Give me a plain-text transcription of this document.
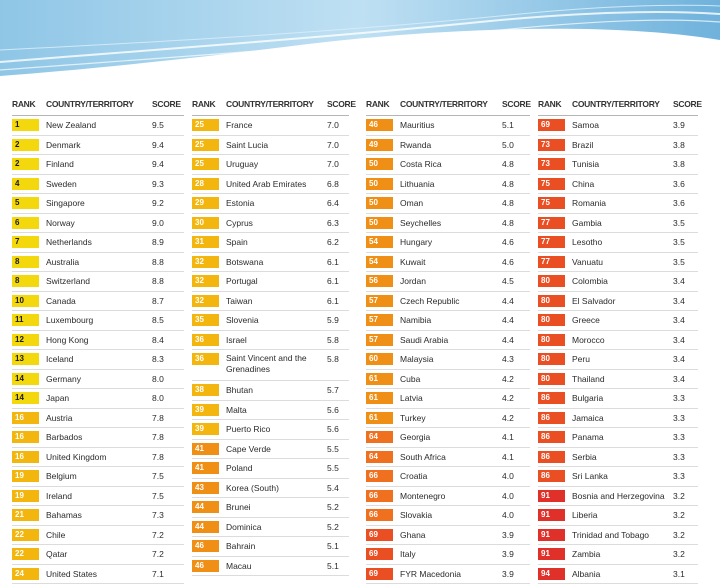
RANK COUNTRY/TERRITORY SCORE
1	New Zealand	9.5
2	Denmark	9.4
2	Finland	9.4
4	Sweden	9.3
5	Singapore	9.2
6	Norway	9.0
7	Netherlands	8.9
8	Australia	8.8
8	Switzerland	8.8
10	Canada	8.7
11	Luxembourg	8.5
12	Hong Kong	8.4
13	Iceland	8.3
14	Germany	8.0
14	Japan	8.0
16	Austria	7.8
16	Barbados	7.8
16	United Kingdom	7.8
19	Belgium	7.5
19	Ireland	7.5
21	Bahamas	7.3
22	Chile	7.2
22	Qatar	7.2
24	United States	7.1
RANK COUNTRY/TERRITORY SCORE
25	France	7.0
25	Saint Lucia	7.0
25	Uruguay	7.0
28	United Arab Emirates 6.8
29	Estonia	6.4
30	Cyprus	6.3
31	Spain	6.2
32	Botswana	6.1
32	Portugal	6.1
32	Taiwan	6.1
35	Slovenia	5.9
36	Israel	5.8
36	Saint Vincent and the Grenadines
5.8
38	Bhutan	5.7
39	Malta	5.6
39	Puerto Rico	5.6
41	Cape Verde	5.5
41	Poland	5.5
43	Korea (South)	5.4
44	Brunei	5.2
44	Dominica	5.2
46	Bahrain	5.1
46	Macau	5.1
RANK COUNTRY/TERRITORY SCORE
46	Mauritius	5.1
49	Rwanda	5.0
50	Costa Rica	4.8
50	Lithuania	4.8
50	Oman	4.8
50	Seychelles	4.8
54	Hungary	4.6
54	Kuwait	4.6
56	Jordan	4.5
57	Czech Republic	4.4
57	Namibia	4.4
57	Saudi Arabia	4.4
60	Malaysia	4.3
61	Cuba	4.2
61	Latvia	4.2
61	Turkey	4.2
64	Georgia	4.1
64	South Africa	4.1
66	Croatia	4.0
66	Montenegro	4.0
66	Slovakia	4.0
69	Ghana	3.9
69	Italy	3.9
69	FYR Macedonia	3.9
RANK COUNTRY/TERRITORY SCORE
69	Samoa	3.9
73	Brazil	3.8
73	Tunisia	3.8
75	China	3.6
75	Romania	3.6
77	Gambia	3.5
77	Lesotho	3.5
77	Vanuatu	3.5
80	Colombia	3.4
80	El Salvador	3.4
80	Greece	3.4
80	Morocco	3.4
80	Peru	3.4
80	Thailand	3.4
86	Bulgaria	3.3
86	Jamaica	3.3
86	Panama	3.3
86	Serbia	3.3
86	Sri Lanka	3.3
91	Bosnia and Herzegovina 3.2
91	Liberia	3.2
91	Trinidad and Tobago	3.2
91	Zambia	3.2
94	Albania	3.1
